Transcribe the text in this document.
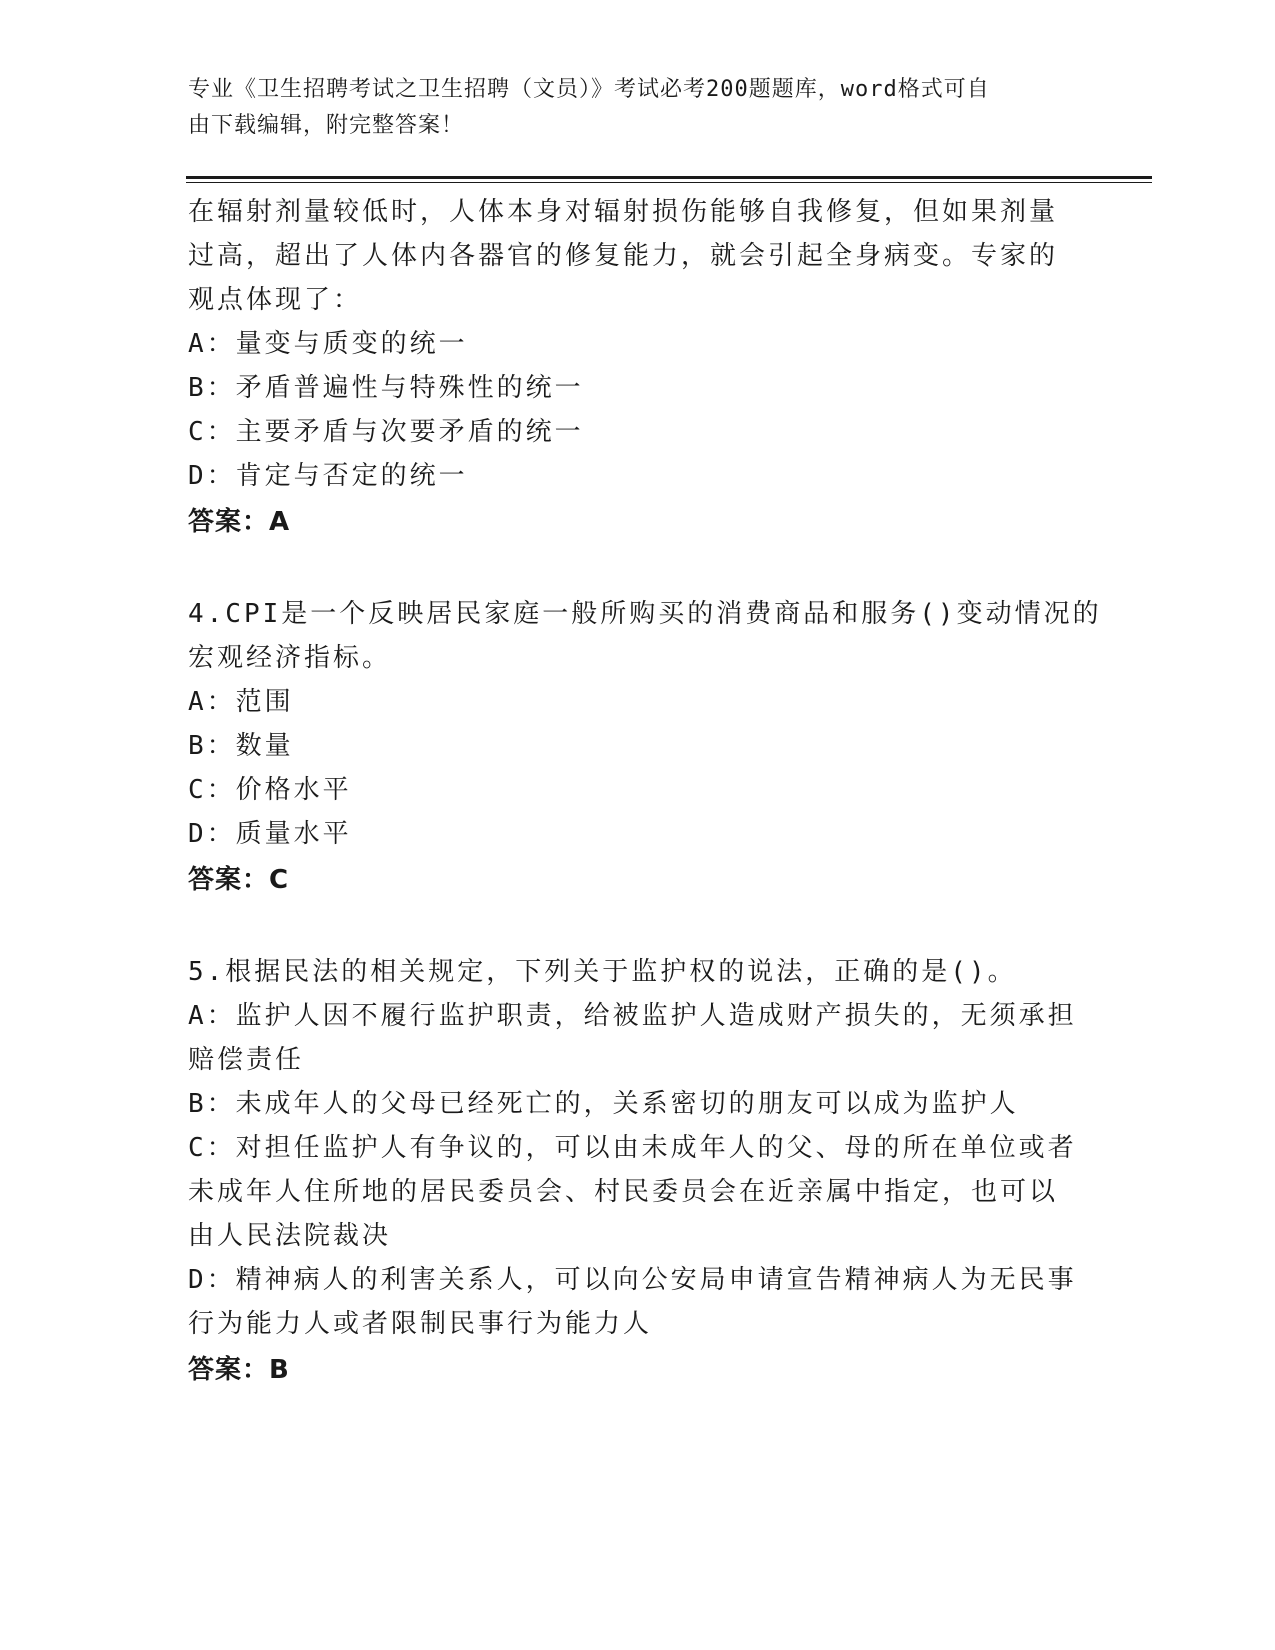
专业《卫生招聘考试之卫生招聘（文员）》考试必考200题题库，word格式可自
由下载编辑，附完整答案！
在辐射剂量较低时，人体本身对辐射损伤能够自我修复，但如果剂量
过高，超出了人体内各器官的修复能力，就会引起全身病变。专家的
观点体现了：
A：量变与质变的统一
B：矛盾普遍性与特殊性的统一
C：主要矛盾与次要矛盾的统一
D：肯定与否定的统一
答案：A
4.CPI是一个反映居民家庭一般所购买的消费商品和服务()变动情况的
宏观经济指标。
A：范围
B：数量
C：价格水平
D：质量水平
答案：C
5.根据民法的相关规定，下列关于监护权的说法，正确的是()。
A：监护人因不履行监护职责，给被监护人造成财产损失的，无须承担
赔偿责任
B：未成年人的父母已经死亡的，关系密切的朋友可以成为监护人
C：对担任监护人有争议的，可以由未成年人的父、母的所在单位或者
未成年人住所地的居民委员会、村民委员会在近亲属中指定，也可以
由人民法院裁决
D：精神病人的利害关系人，可以向公安局申请宣告精神病人为无民事
行为能力人或者限制民事行为能力人
答案：B
